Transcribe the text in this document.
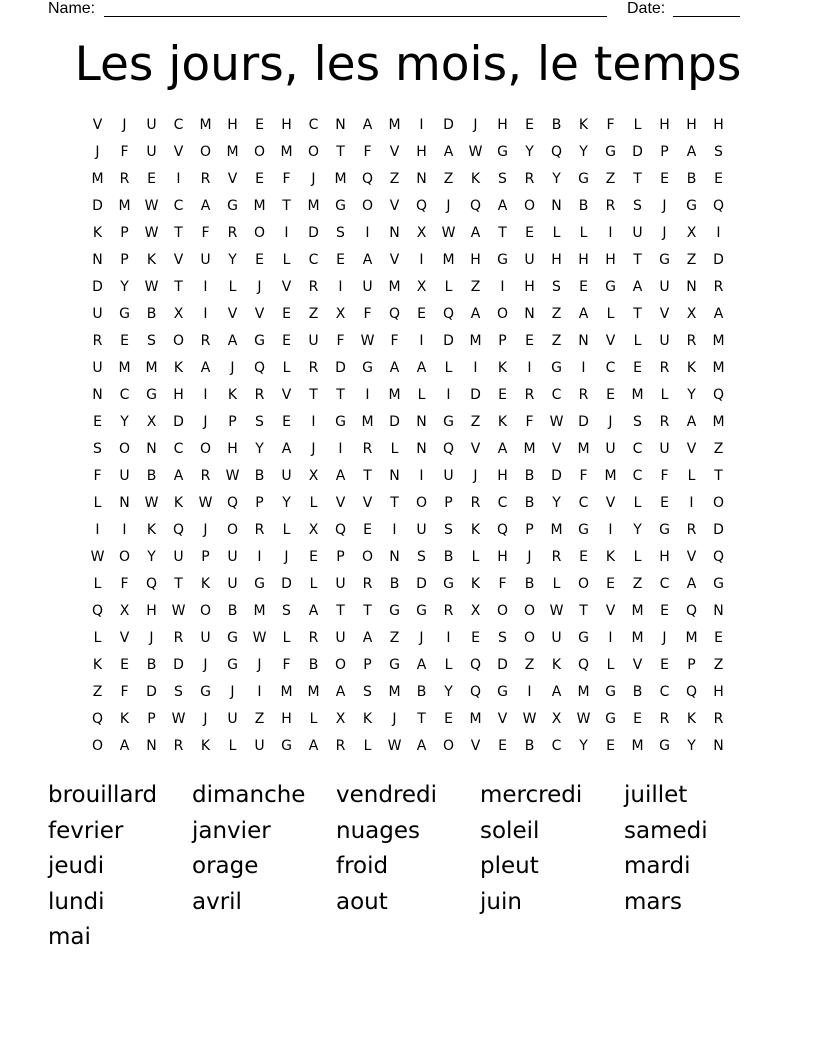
Name:	Date:
Les jours, les mois, le temps
V	J	U	C	M	H	E	H	C	N	A	M	I	D	J	H	E	B	K	F	L	H	H	H
J	F	U	V	O	M	O	M	O	T	F	V	H	A	W	G	Y	Q	Y	G	D	P	A	S
M	R	E	I	R	V	E	F	J	M	Q	Z	N	Z	K	S	R	Y	G	Z	T	E	B	E
D	M	W	C	A	G	M	T	M	G	O	V	Q	J	Q	A	O	N	B	R	S	J	G	Q
K	P	W	T	F	R	O	I	D	S	I	N	X	W	A	T	E	L	L	I	U	J	X	I
N	P	K	V	U	Y	E	L	C	E	A	V	I	M	H	G	U	H	H	H	T	G	Z	D
D	Y	W	T	I	L	J	V	R	I	U	M	X	L	Z	I	H	S	E	G	A	U	N	R
U	G	B	X	I	V	V	E	Z	X	F	Q	E	Q	A	O	N	Z	A	L	T	V	X	A
R	E	S	O	R	A	G	E	U	F	W	F	I	D	M	P	E	Z	N	V	L	U	R	M
U	M	M	K	A	J	Q	L	R	D	G	A	A	L	I	K	I	G	I	C	E	R	K	M
N	C	G	H	I	K	R	V	T	T	I	M	L	I	D	E	R	C	R	E	M	L	Y	Q
E	Y	X	D	J	P	S	E	I	G	M	D	N	G	Z	K	F	W	D	J	S	R	A	M
S	O	N	C	O	H	Y	A	J	I	R	L	N	Q	V	A	M	V	M	U	C	U	V	Z
F	U	B	A	R	W	B	U	X	A	T	N	I	U	J	H	B	D	F	M	C	F	L	T
L	N	W	K	W	Q	P	Y	L	V	V	T	O	P	R	C	B	Y	C	V	L	E	I	O
I	I	K	Q	J	O	R	L	X	Q	E	I	U	S	K	Q	P	M	G	I	Y	G	R	D
W	O	Y	U	P	U	I	J	E	P	O	N	S	B	L	H	J	R	E	K	L	H	V	Q
L	F	Q	T	K	U	G	D	L	U	R	B	D	G	K	F	B	L	O	E	Z	C	A	G
Q	X	H	W	O	B	M	S	A	T	T	G	G	R	X	O	O	W	T	V	M	E	Q	N
L	V	J	R	U	G	W	L	R	U	A	Z	J	I	E	S	O	U	G	I	M	J	M	E
K	E	B	D	J	G	J	F	B	O	P	G	A	L	Q	D	Z	K	Q	L	V	E	P	Z
Z	F	D	S	G	J	I	M	M	A	S	M	B	Y	Q	G	I	A	M	G	B	C	Q	H
Q	K	P	W	J	U	Z	H	L	X	K	J	T	E	M	V	W	X	W	G	E	R	K	R
O	A	N	R	K	L	U	G	A	R	L	W	A	O	V	E	B	C	Y	E	M	G	Y	N
brouillard	dimanche	vendredi	mercredi	juillet
fevrier	janvier	nuages	soleil	samedi
jeudi	orage	froid	pleut	mardi
lundi	avril	aout	juin	mars
mai
